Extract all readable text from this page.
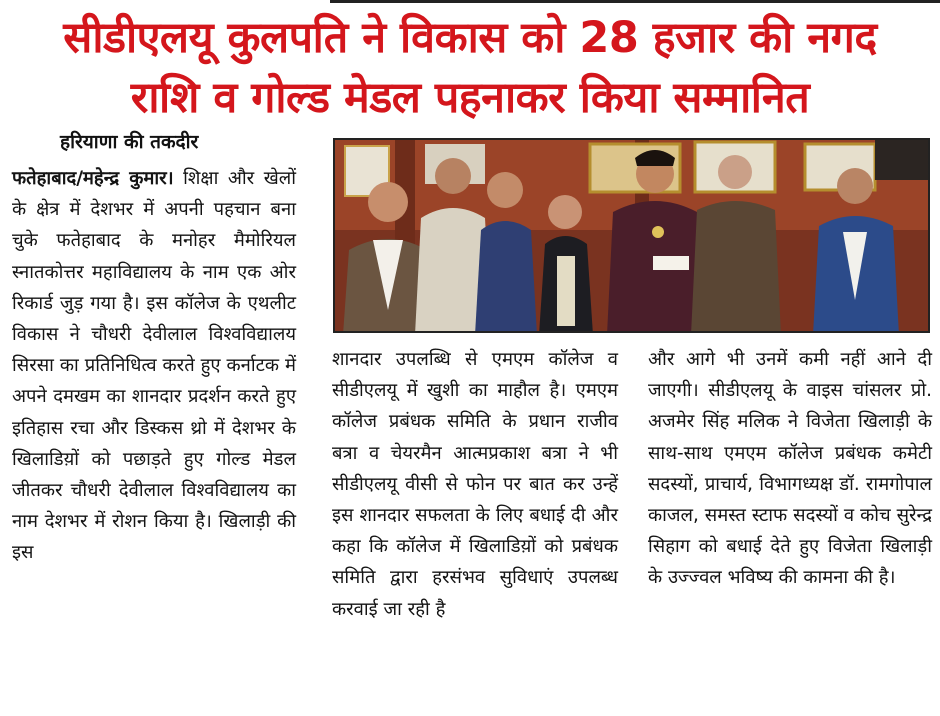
सीडीएलयू कुलपति ने विकास को 28 हजार की नगद
राशि व गोल्ड मेडल पहनाकर किया सम्मानित
हरियाणा की तकदीर
फतेहाबाद/महेन्द्र कुमार। शिक्षा और खेलों के क्षेत्र में देशभर में अपनी पहचान बना चुके फतेहाबाद के मनोहर मैमोरियल स्नातकोत्तर महाविद्यालय के नाम एक ओर रिकार्ड जुड़ गया है। इस कॉलेज के एथलीट विकास ने चौधरी देवीलाल विश्वविद्यालय सिरसा का प्रतिनिधित्व करते हुए कर्नाटक में अपने दमखम का शानदार प्रदर्शन करते हुए इतिहास रचा और डिस्कस थ्रो में देशभर के खिलाडिय़ों को पछाड़ते हुए गोल्ड मेडल जीतकर चौधरी देवीलाल विश्वविद्यालय का नाम देशभर में रोशन किया है। खिलाड़ी की इस
शानदार उपलब्धि से एमएम कॉलेज व सीडीएलयू में खुशी का माहौल है। एमएम कॉलेज प्रबंधक समिति के प्रधान राजीव बत्रा व चेयरमैन आत्मप्रकाश बत्रा ने भी सीडीएलयू वीसी से फोन पर बात कर उन्हें इस शानदार सफलता के लिए बधाई दी और कहा कि कॉलेज में खिलाडिय़ों को प्रबंधक समिति द्वारा हरसंभव सुविधाएं उपलब्ध करवाई जा रही है
और आगे भी उनमें कमी नहीं आने दी जाएगी। सीडीएलयू के वाइस चांसलर प्रो. अजमेर सिंह मलिक ने विजेता खिलाड़ी के साथ-साथ एमएम कॉलेज प्रबंधक कमेटी सदस्यों, प्राचार्य, विभागध्यक्ष डॉ. रामगोपाल काजल, समस्त स्टाफ सदस्यों व कोच सुरेन्द्र सिहाग को बधाई देते हुए विजेता खिलाड़ी के उज्ज्वल भविष्य की कामना की है।
